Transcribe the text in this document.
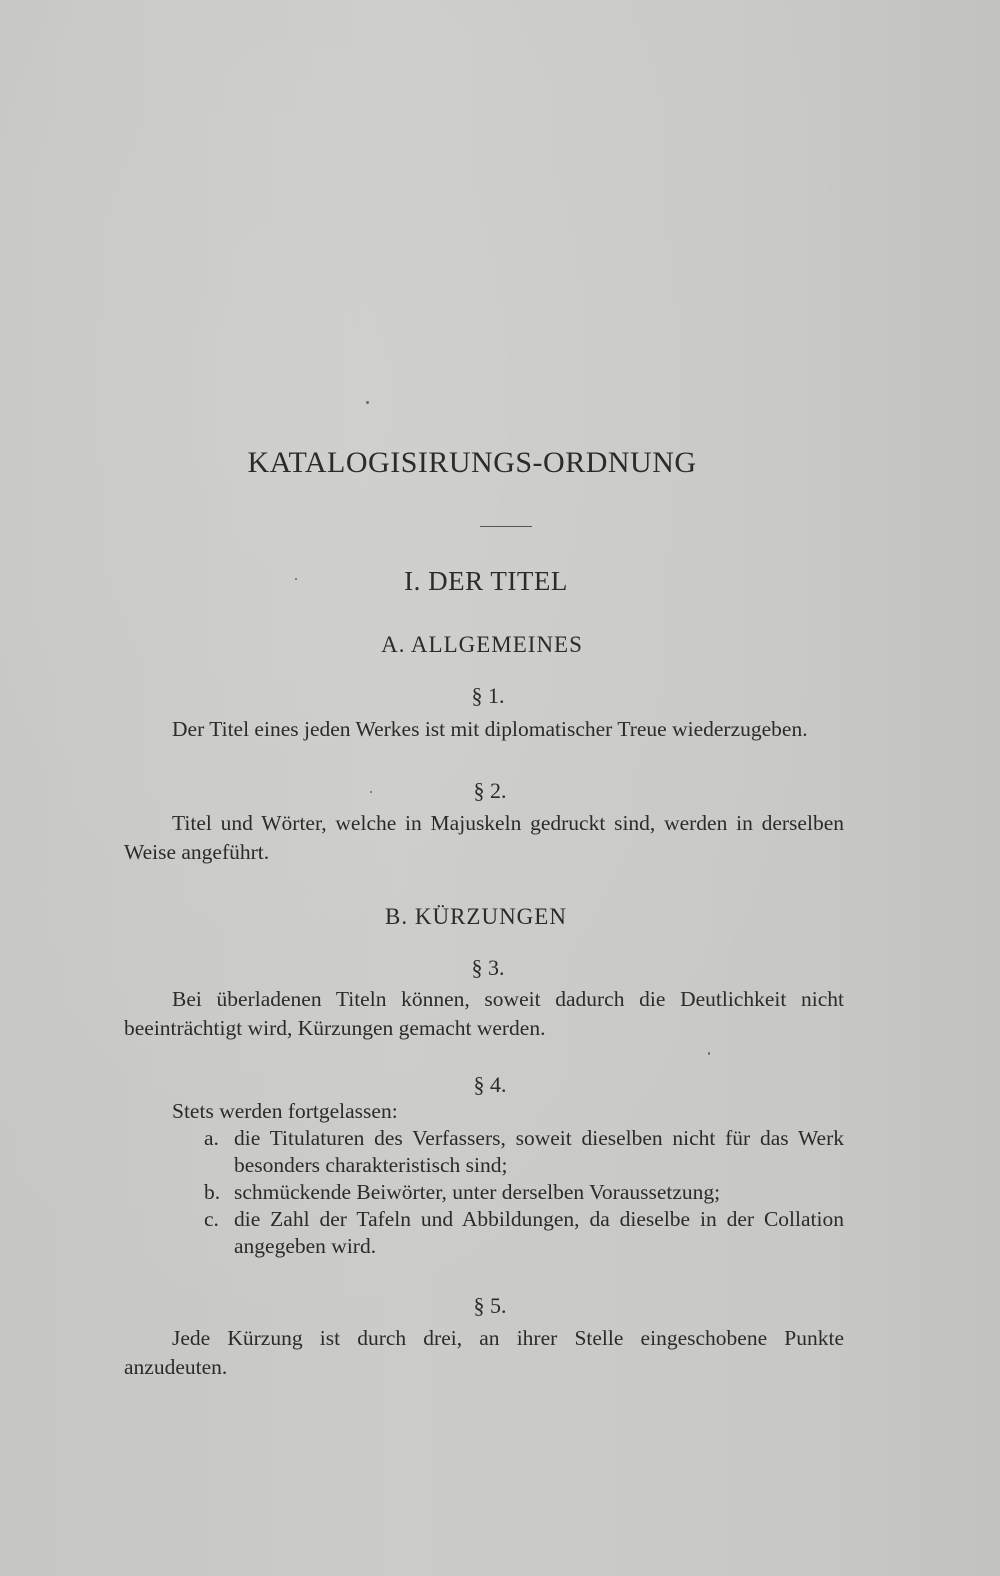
KATALOGISIRUNGS-ORDNUNG
I. DER TITEL
A. ALLGEMEINES

§ 1.

Der Titel eines jeden Werkes ist mit diplomatischer Treue wiederzugeben.

§ 2.

Titel und Wörter, welche in Majuskeln gedruckt sind, werden in derselben Weise angeführt.

B. KÜRZUNGEN

§ 3.

Bei überladenen Titeln können, soweit dadurch die Deutlichkeit nicht beeinträchtigt wird, Kürzungen gemacht werden.

§ 4.

Stets werden fortgelassen:

a. die Titulaturen des Verfassers, soweit dieselben nicht für das Werk besonders charakteristisch sind;
b. schmückende Beiwörter, unter derselben Voraussetzung;
c. die Zahl der Tafeln und Abbildungen, da dieselbe in der Collation angegeben wird.

§ 5.

Jede Kürzung ist durch drei, an ihrer Stelle eingeschobene Punkte anzudeuten.
